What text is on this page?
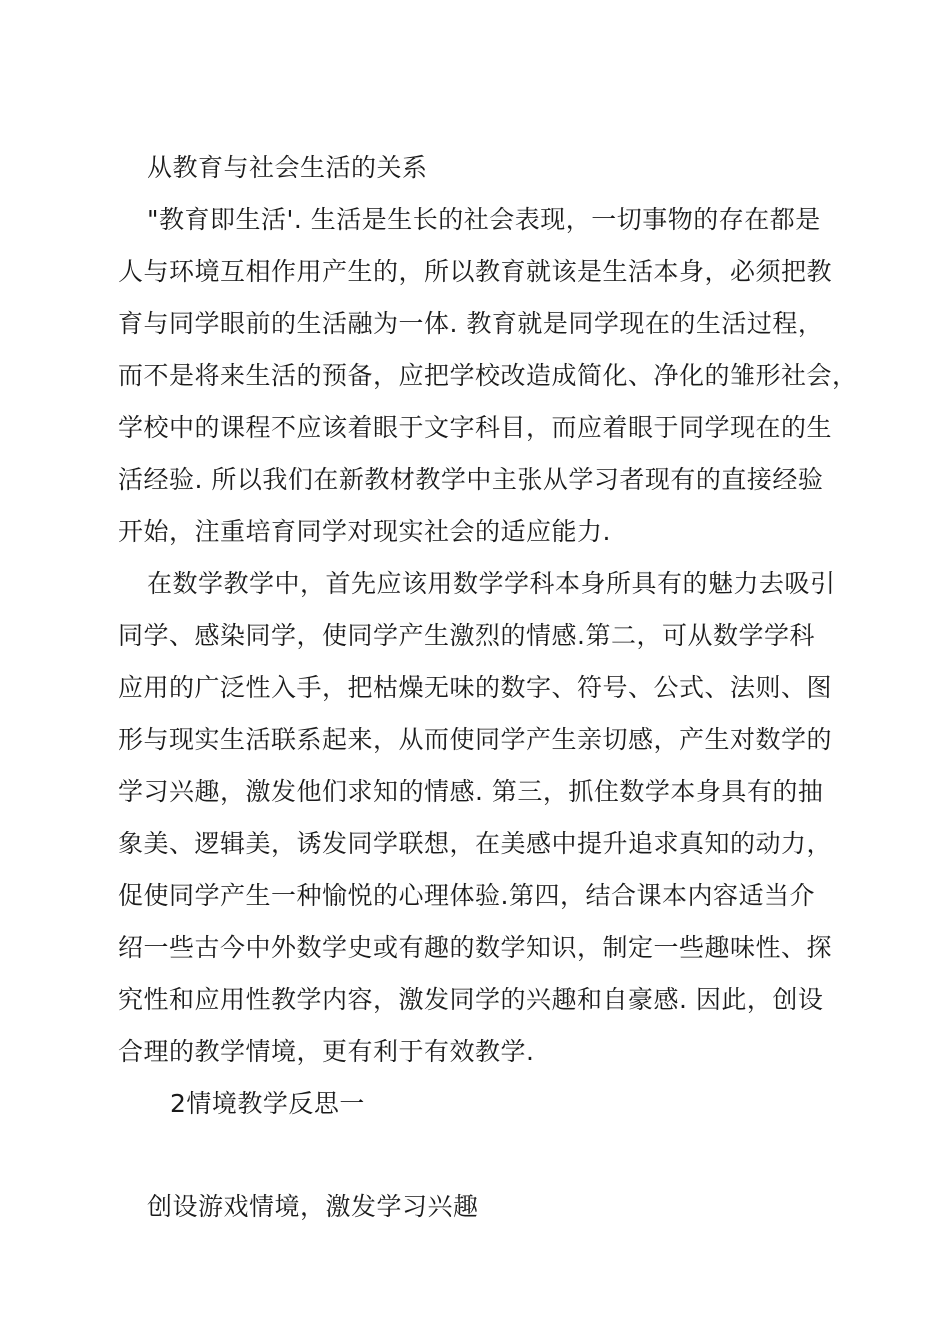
从教育与社会生活的关系
"教育即生活'. 生活是生长的社会表现，一切事物的存在都是
人与环境互相作用产生的，所以教育就该是生活本身，必须把教
育与同学眼前的生活融为一体. 教育就是同学现在的生活过程，
而不是将来生活的预备，应把学校改造成简化、净化的雏形社会，
学校中的课程不应该着眼于文字科目，而应着眼于同学现在的生
活经验. 所以我们在新教材教学中主张从学习者现有的直接经验
开始，注重培育同学对现实社会的适应能力.
在数学教学中，首先应该用数学学科本身所具有的魅力去吸引
同学、感染同学，使同学产生激烈的情感.第二，可从数学学科
应用的广泛性入手，把枯燥无味的数字、符号、公式、法则、图
形与现实生活联系起来，从而使同学产生亲切感，产生对数学的
学习兴趣，激发他们求知的情感. 第三，抓住数学本身具有的抽
象美、逻辑美，诱发同学联想，在美感中提升追求真知的动力，
促使同学产生一种愉悦的心理体验.第四，结合课本内容适当介
绍一些古今中外数学史或有趣的数学知识，制定一些趣味性、探
究性和应用性教学内容，激发同学的兴趣和自豪感. 因此，创设
合理的教学情境，更有利于有效教学.
2情境教学反思一
创设游戏情境，激发学习兴趣
